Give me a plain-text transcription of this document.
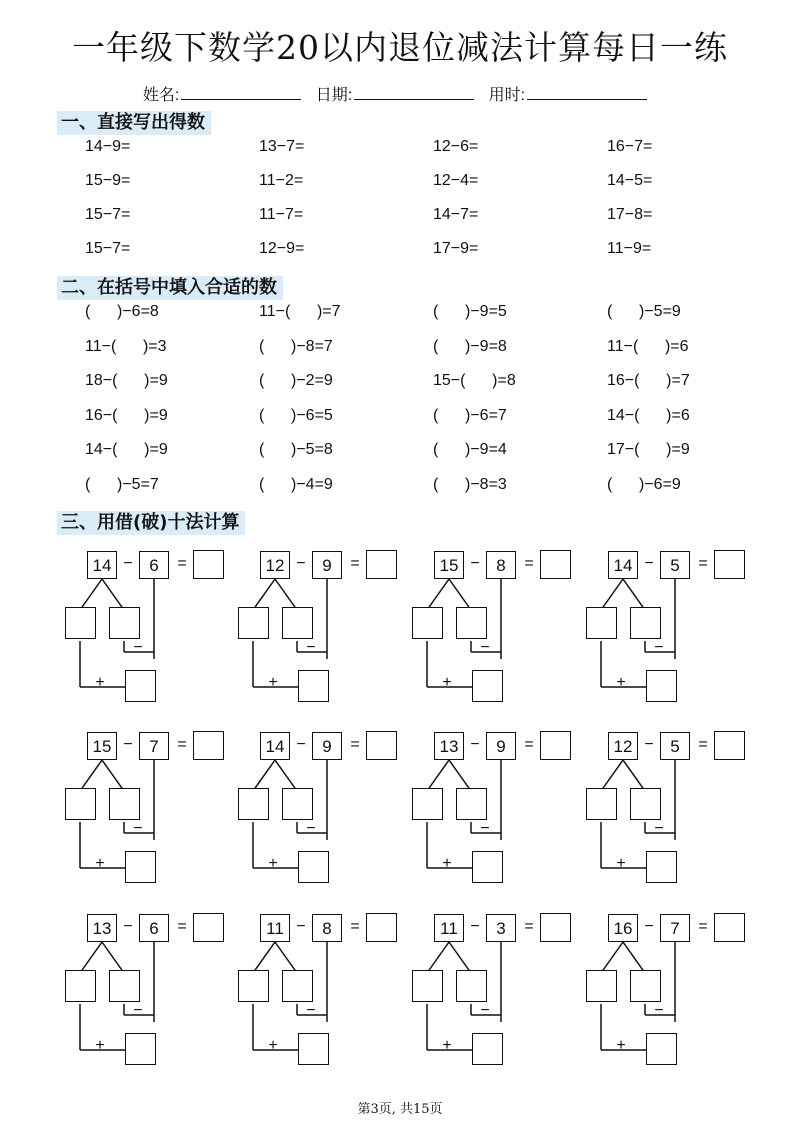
一年级下数学20以内退位减法计算每日一练
姓名:	日期:	用时:
一、直接写出得数
14−9=	13−7=	12−6=	16−7=
15−9=	11−2=	12−4=	14−5=
15−7=	11−7=	14−7=	17−8=
15−7=	12−9=	17−9=	11−9=
二、在括号中填入合适的数
(      )−6=8	11−(      )=7	(      )−9=5	(      )−5=9
11−(      )=3	(      )−8=7	(      )−9=8	11−(      )=6
18−(      )=9	(      )−2=9	15−(      )=8	16−(      )=7
16−(      )=9	(      )−6=5	(      )−6=7	14−(      )=6
14−(      )=9	(      )−5=8	(      )−9=4	17−(      )=9
(      )−5=7	(      )−4=9	(      )−8=3	(      )−6=9
三、用借(破)十法计算
14 − 6	=
−
+
12 − 9	=
−
+
15 − 8	=
−
+
14 − 5	=
−
+
15 − 7	=
−
+
14 − 9	=
−
+
13 − 9	=
−
+
12 − 5	=
−
+
13 − 6	=
−
+
11 − 8	=
−
+
11 − 3	=
−
+
16 − 7	=
−
+
第3页, 共15页
